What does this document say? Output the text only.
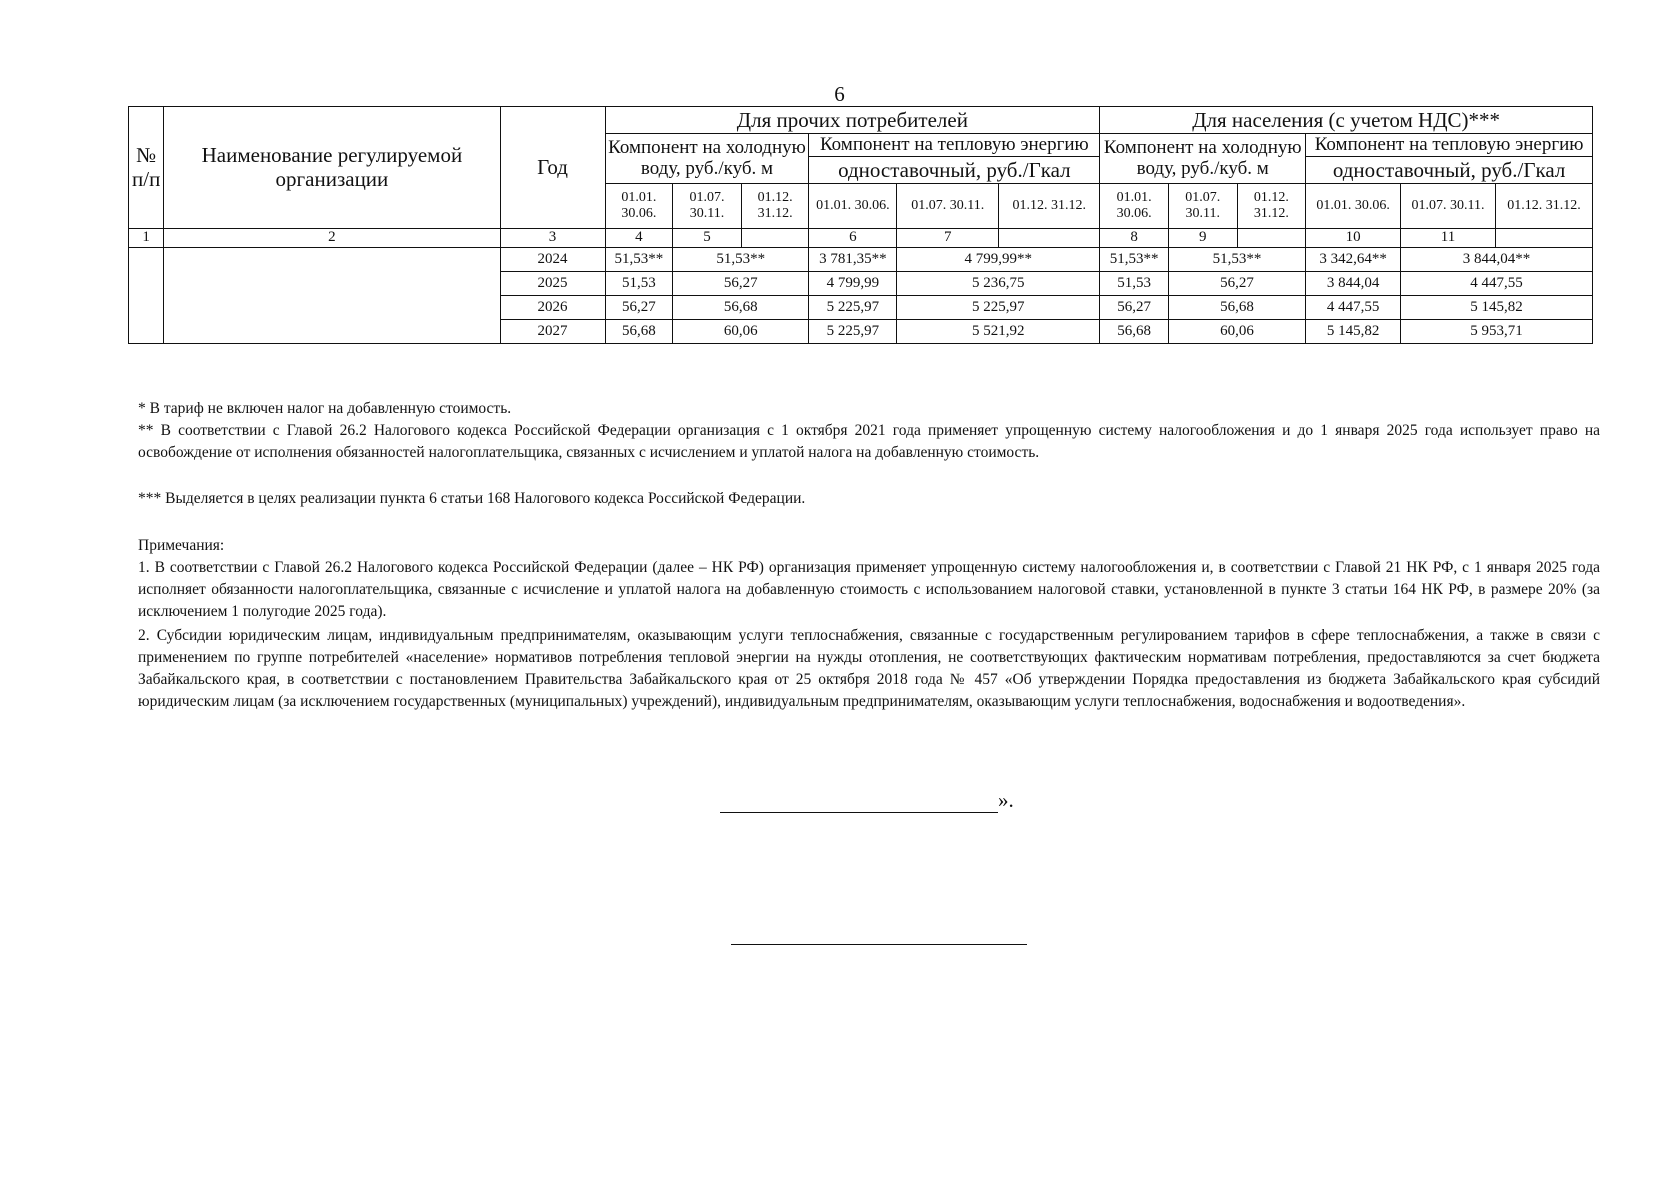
6
№ п/п	Наименование регулируемой организации	Год	Для прочих потребителей						Для населения (с учетом НДС)***					
			Компонент на холодную воду, руб./куб. м			Компонент на тепловую энергию			Компонент на холодную воду, руб./куб. м			Компонент на тепловую энергию		
						одноставочный, руб./Гкал						одноставочный, руб./Гкал		
			01.01. 30.06.	01.07. 30.11.	01.12. 31.12.	01.01. 30.06.	01.07. 30.11.	01.12. 31.12.	01.01. 30.06.	01.07. 30.11.	01.12. 31.12.	01.01. 30.06.	01.07. 30.11.	01.12. 31.12.
1	2	3	4	5		6	7		8	9		10	11	
		2024	51,53**	51,53**		3 781,35**	4 799,99**		51,53**	51,53**		3 342,64**	3 844,04**	
		2025	51,53	56,27		4 799,99	5 236,75		51,53	56,27		3 844,04	4 447,55	
		2026	56,27	56,68		5 225,97	5 225,97		56,27	56,68		4 447,55	5 145,82	
		2027	56,68	60,06		5 225,97	5 521,92		56,68	60,06		5 145,82	5 953,71	

* В тариф не включен налог на добавленную стоимость.

** В соответствии с Главой 26.2 Налогового кодекса Российской Федерации организация с 1 октября 2021 года применяет упрощенную систему налогообложения и до 1 января 2025 года использует право на освобождение от исполнения обязанностей налогоплательщика, связанных с исчислением и уплатой налога на добавленную стоимость.

*** Выделяется в целях реализации пункта 6 статьи 168 Налогового кодекса Российской Федерации.

Примечания:

1. В соответствии с Главой 26.2 Налогового кодекса Российской Федерации (далее – НК РФ) организация применяет упрощенную систему налогообложения и, в соответствии с Главой 21 НК РФ, с 1 января 2025 года исполняет обязанности налогоплательщика, связанные с исчисление и уплатой налога на добавленную стоимость с использованием налоговой ставки, установленной в пункте 3 статьи 164 НК РФ, в размере 20% (за исключением 1 полугодие 2025 года).

2. Субсидии юридическим лицам, индивидуальным предпринимателям, оказывающим услуги теплоснабжения, связанные с государственным регулированием тарифов в сфере теплоснабжения, а также в связи с применением по группе потребителей «население» нормативов потребления тепловой энергии на нужды отопления, не соответствующих фактическим нормативам потребления, предоставляются за счет бюджета Забайкальского края, в соответствии с постановлением Правительства Забайкальского края от 25 октября 2018 года № 457 «Об утверждении Порядка предоставления из бюджета Забайкальского края субсидий юридическим лицам (за исключением государственных (муниципальных) учреждений), индивидуальным предпринимателям, оказывающим услуги теплоснабжения, водоснабжения и водоотведения».

».
